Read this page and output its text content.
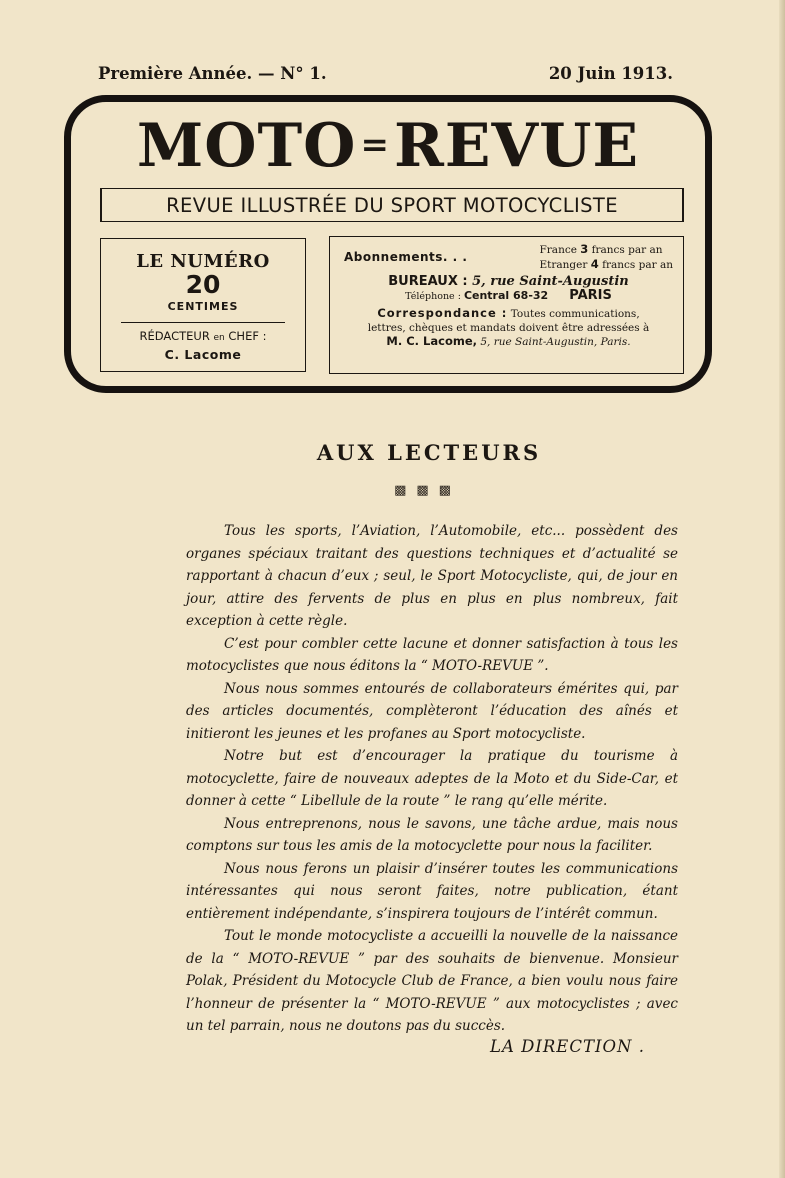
Première Année. — N° 1.	20 Juin 1913.
MOTO =REVUE
REVUE ILLUSTRÉE DU SPORT MOTOCYCLISTE
LE NUMÉRO
20
CENTIMES
RÉDACTEUR en CHEF :
C. Lacome
Abonnements. . .	France 3 francs par an
Etranger 4 francs par an
BUREAUX : 5, rue Saint-Augustin
Téléphone : Central 68-32 PARIS
Correspondance : Toutes communications,
lettres, chèques et mandats doivent être adressées à
M. C. Lacome, 5, rue Saint-Augustin, Paris.
AUX LECTEURS
▩▩▩

Tous les sports, l’Aviation, l’Automobile, etc... possèdent des organes spéciaux traitant des questions techniques et d’actualité se rapportant à chacun d’eux ; seul, le Sport Motocycliste, qui, de jour en jour, attire des fervents de plus en plus en plus nombreux, fait exception à cette règle.

C’est pour combler cette lacune et donner satisfaction à tous les motocyclistes que nous éditons la “ MOTO-REVUE ”.

Nous nous sommes entourés de collaborateurs émérites qui, par des articles documentés, complèteront l’éducation des aînés et initieront les jeunes et les profanes au Sport motocycliste.

Notre but est d’encourager la pratique du tourisme à motocyclette, faire de nouveaux adeptes de la Moto et du Side-Car, et donner à cette “ Libellule de la route ” le rang qu’elle mérite.

Nous entreprenons, nous le savons, une tâche ardue, mais nous comptons sur tous les amis de la motocyclette pour nous la faciliter.

Nous nous ferons un plaisir d’insérer toutes les communications intéressantes qui nous seront faites, notre publication, étant entièrement indépendante, s’inspirera toujours de l’intérêt commun.

Tout le monde motocycliste a accueilli la nouvelle de la naissance de la “ MOTO-REVUE ” par des souhaits de bienvenue. Monsieur Polak, Président du Motocycle Club de France, a bien voulu nous faire l’honneur de présenter la “ MOTO-REVUE ” aux motocyclistes ; avec un tel parrain, nous ne doutons pas du succès.

LA DIRECTION .
